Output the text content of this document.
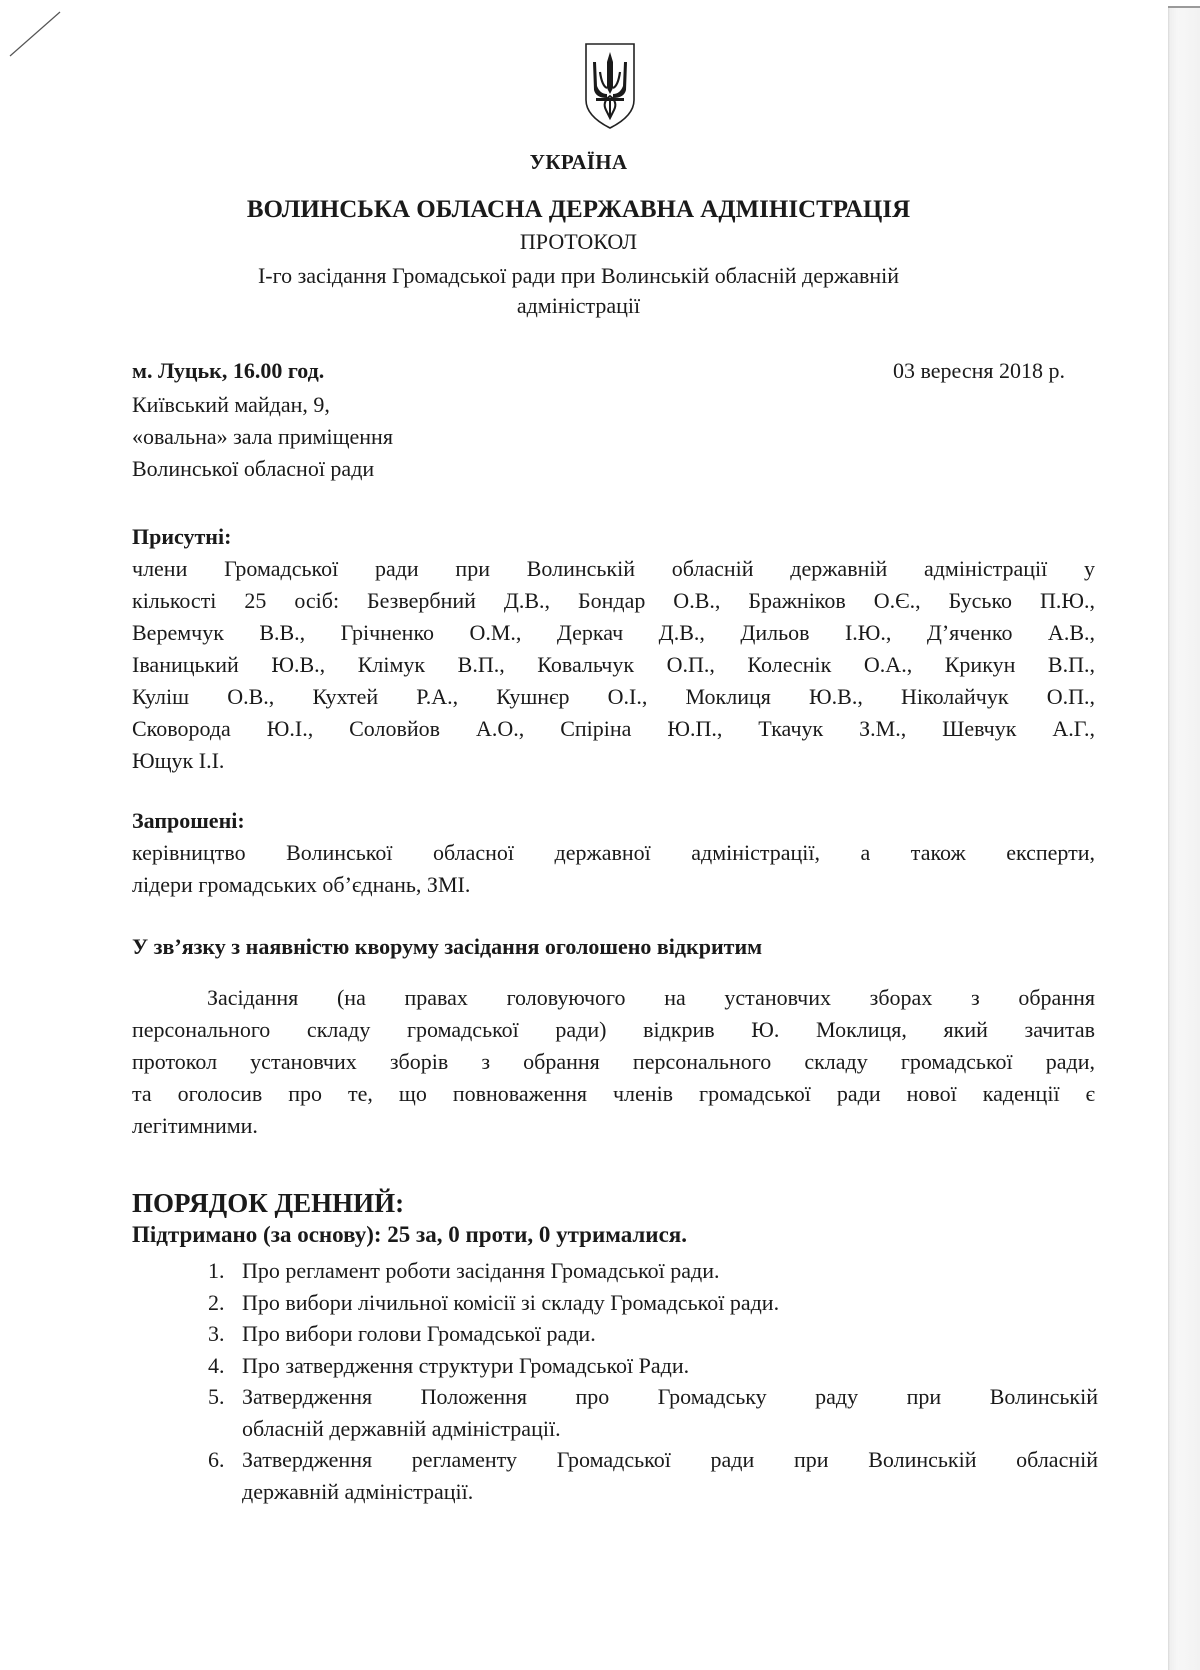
УКРАЇНА
ВОЛИНСЬКА ОБЛАСНА ДЕРЖАВНА АДМІНІСТРАЦІЯ
ПРОТОКОЛ
І-го засідання Громадської ради при Волинській обласній державній
адміністрації
м. Луцьк, 16.00 год.	03 вересня 2018 р.
Київський майдан, 9,
«овальна» зала приміщення
Волинської обласної ради
Присутні:
члени Громадської ради при Волинській обласній державній адміністрації у
кількості 25 осіб: Безвербний Д.В., Бондар О.В., Бражніков О.Є., Бусько П.Ю.,
Веремчук В.В., Грічненко О.М., Деркач Д.В., Дильов І.Ю., Д’яченко А.В.,
Іваницький Ю.В., Клімук В.П., Ковальчук О.П., Колеснік О.А., Крикун В.П.,
Куліш О.В., Кухтей Р.А., Кушнєр О.І., Моклиця Ю.В., Ніколайчук О.П.,
Сковорода Ю.І., Соловйов А.О., Спіріна Ю.П., Ткачук З.М., Шевчук А.Г.,
Ющук І.І.
Запрошені:
керівництво Волинської обласної державної адміністрації, а також експерти,
лідери громадських об’єднань, ЗМІ.
У зв’язку з наявністю кворуму засідання оголошено відкритим
Засідання (на правах головуючого на установчих зборах з обрання
персонального складу громадської ради) відкрив Ю. Моклиця, який зачитав
протокол установчих зборів з обрання персонального складу громадської ради,
та оголосив про те, що повноваження членів громадської ради нової каденції є
легітимними.
ПОРЯДОК ДЕННИЙ:
Підтримано (за основу): 25 за, 0 проти, 0 утрималися.
1. Про регламент роботи засідання Громадської ради.
2. Про вибори лічильної комісії зі складу Громадської ради.
3. Про вибори голови Громадської ради.
4. Про затвердження структури Громадської Ради.
5. Затвердження Положення про Громадську раду при Волинській
обласній державній адміністрації.
6. Затвердження регламенту Громадської ради при Волинській обласній
державній адміністрації.
